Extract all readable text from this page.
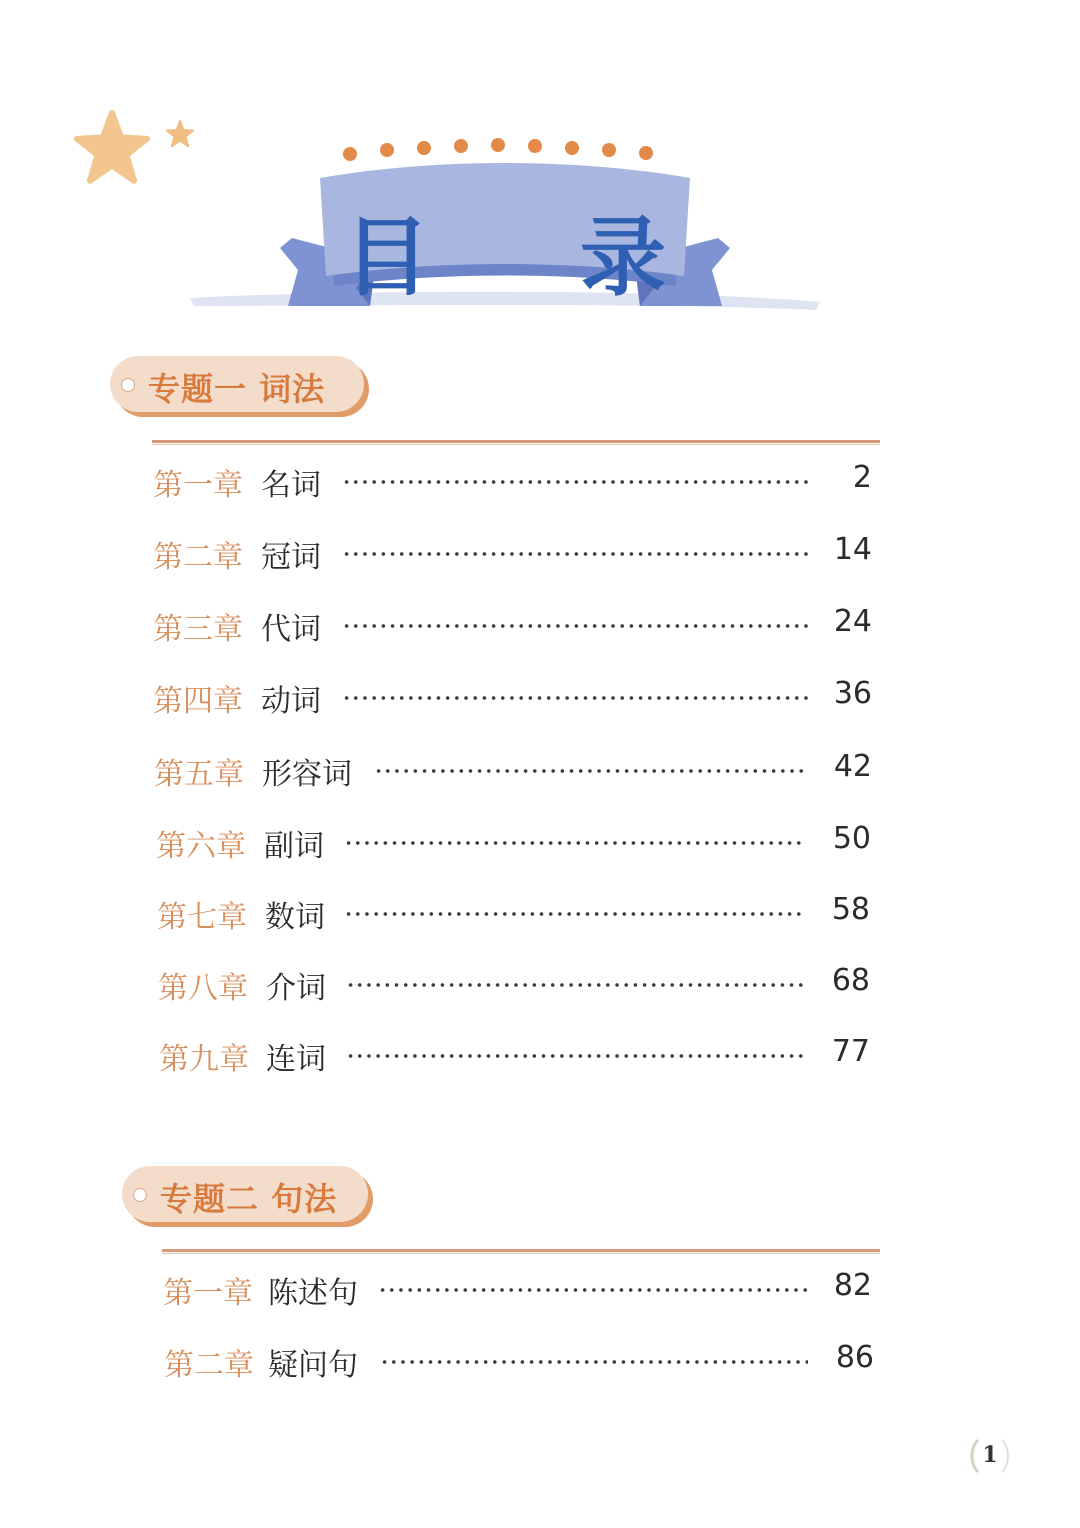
目 录
专题一 词法
第一章 名词	2
第二章 冠词	14
第三章 代词	24
第四章 动词	36
第五章 形容词	42
第六章 副词	50
第七章 数词	58
第八章 介词	68
第九章 连词	77
专题二 句法
第一章 陈述句	82
第二章 疑问句	86
1
